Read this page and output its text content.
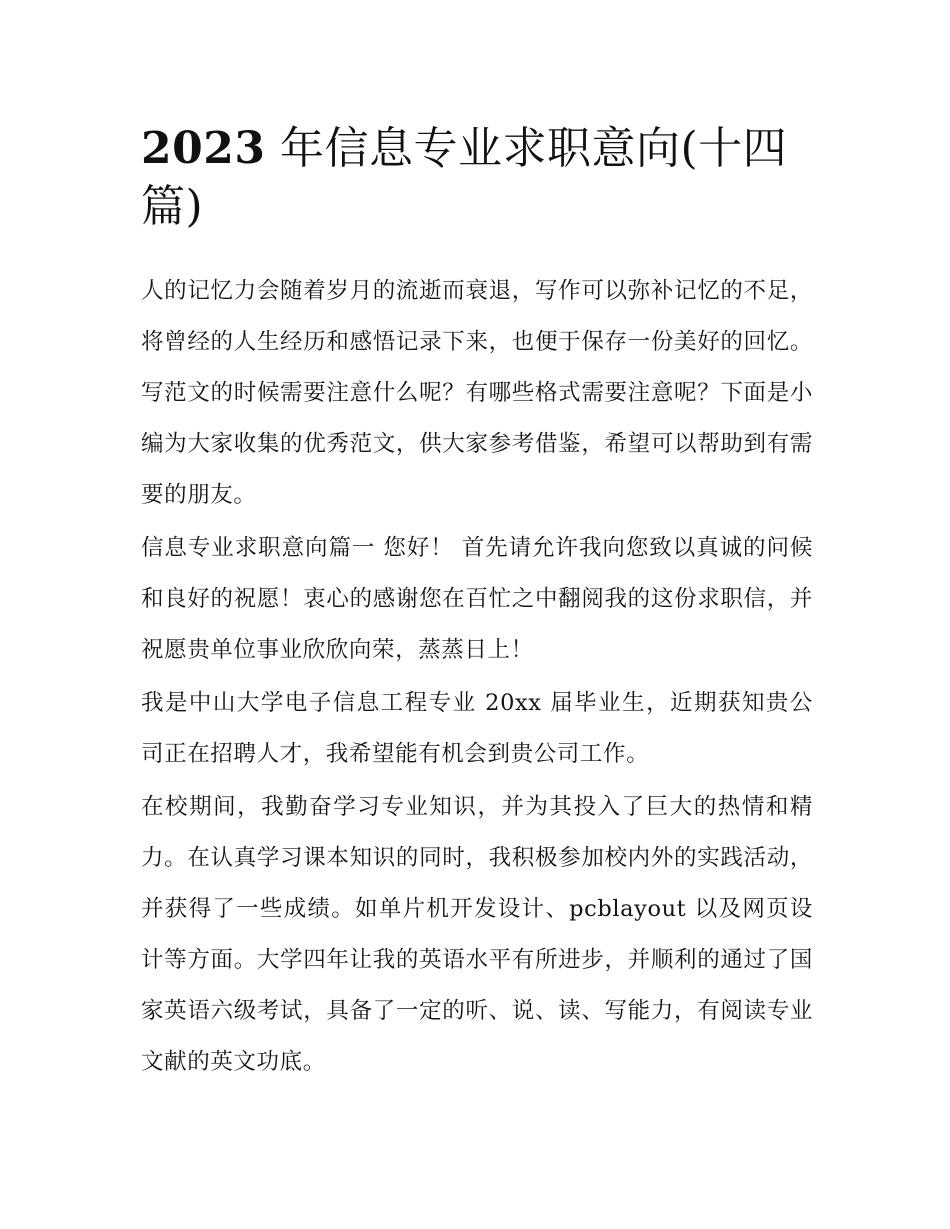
2023 年信息专业求职意向(十四篇)

人的记忆力会随着岁月的流逝而衰退，写作可以弥补记忆的不足，将曾经的人生经历和感悟记录下来，也便于保存一份美好的回忆。写范文的时候需要注意什么呢？有哪些格式需要注意呢？下面是小编为大家收集的优秀范文，供大家参考借鉴，希望可以帮助到有需要的朋友。

信息专业求职意向篇一 您好！ 首先请允许我向您致以真诚的问候和良好的祝愿！衷心的感谢您在百忙之中翻阅我的这份求职信，并祝愿贵单位事业欣欣向荣，蒸蒸日上！

我是中山大学电子信息工程专业 20xx 届毕业生，近期获知贵公司正在招聘人才，我希望能有机会到贵公司工作。

在校期间，我勤奋学习专业知识，并为其投入了巨大的热情和精力。在认真学习课本知识的同时，我积极参加校内外的实践活动，并获得了一些成绩。如单片机开发设计、pcblayout 以及网页设计等方面。大学四年让我的英语水平有所进步，并顺利的通过了国家英语六级考试，具备了一定的听、说、读、写能力，有阅读专业文献的英文功底。
